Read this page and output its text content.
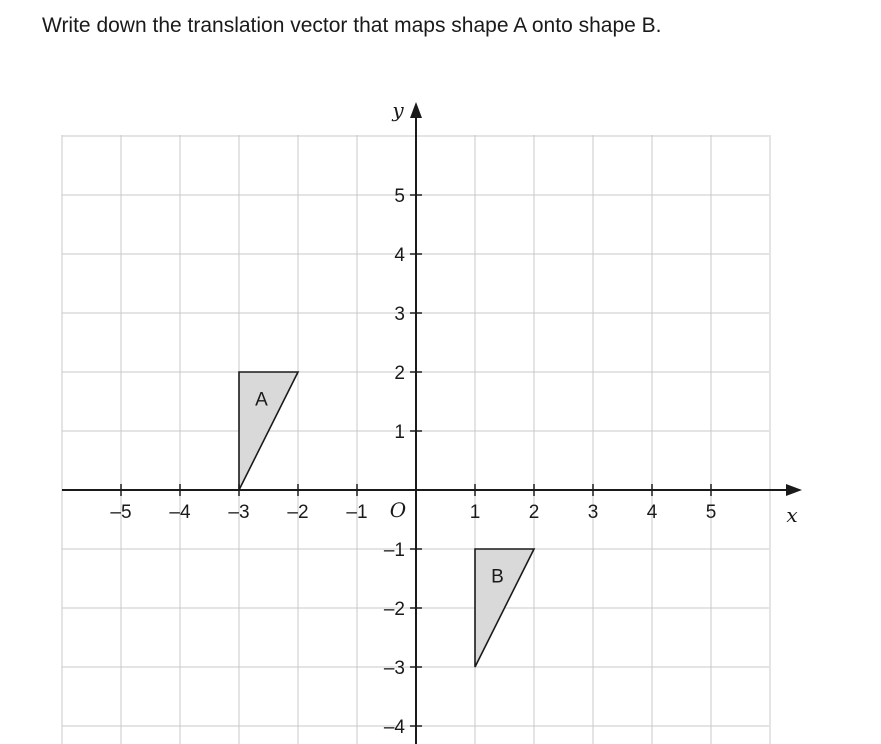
Write down the translation vector that maps shape A onto shape B.
A
B
–5 –4 –3 –2 –1	1	2	3	4	5
–4
–3
–2
–1
1
2
3
4
5
O	x
y
